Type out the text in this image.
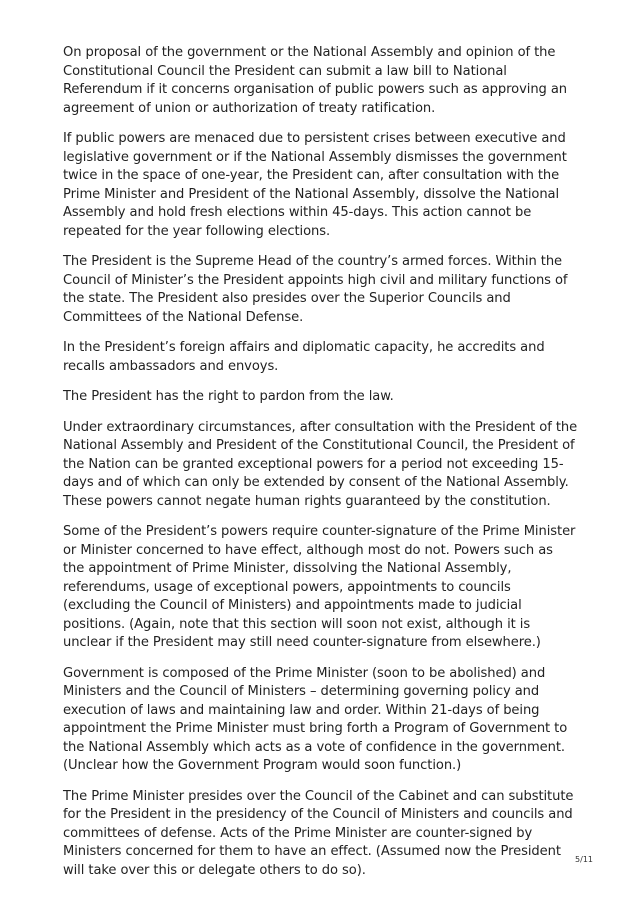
On proposal of the government or the National Assembly and opinion of the Constitutional Council the President can submit a law bill to National Referendum if it concerns organisation of public powers such as approving an agreement of union or authorization of treaty ratification.

If public powers are menaced due to persistent crises between executive and legislative government or if the National Assembly dismisses the government twice in the space of one-year, the President can, after consultation with the Prime Minister and President of the National Assembly, dissolve the National Assembly and hold fresh elections within 45-days. This action cannot be repeated for the year following elections.

The President is the Supreme Head of the country’s armed forces. Within the Council of Minister’s the President appoints high civil and military functions of the state. The President also presides over the Superior Councils and Committees of the National Defense.

In the President’s foreign affairs and diplomatic capacity, he accredits and recalls ambassadors and envoys.

The President has the right to pardon from the law.

Under extraordinary circumstances, after consultation with the President of the National Assembly and President of the Constitutional Council, the President of the Nation can be granted exceptional powers for a period not exceeding 15-days and of which can only be extended by consent of the National Assembly. These powers cannot negate human rights guaranteed by the constitution.

Some of the President’s powers require counter-signature of the Prime Minister or Minister concerned to have effect, although most do not. Powers such as the appointment of Prime Minister, dissolving the National Assembly, referendums, usage of exceptional powers, appointments to councils (excluding the Council of Ministers) and appointments made to judicial positions. (Again, note that this section will soon not exist, although it is unclear if the President may still need counter-signature from elsewhere.)

Government is composed of the Prime Minister (soon to be abolished) and Ministers and the Council of Ministers – determining governing policy and execution of laws and maintaining law and order. Within 21-days of being appointment the Prime Minister must bring forth a Program of Government to the National Assembly which acts as a vote of confidence in the government. (Unclear how the Government Program would soon function.)

The Prime Minister presides over the Council of the Cabinet and can substitute for the President in the presidency of the Council of Ministers and councils and committees of defense. Acts of the Prime Minister are counter-signed by Ministers concerned for them to have an effect. (Assumed now the President will take over this or delegate others to do so).

5/11
